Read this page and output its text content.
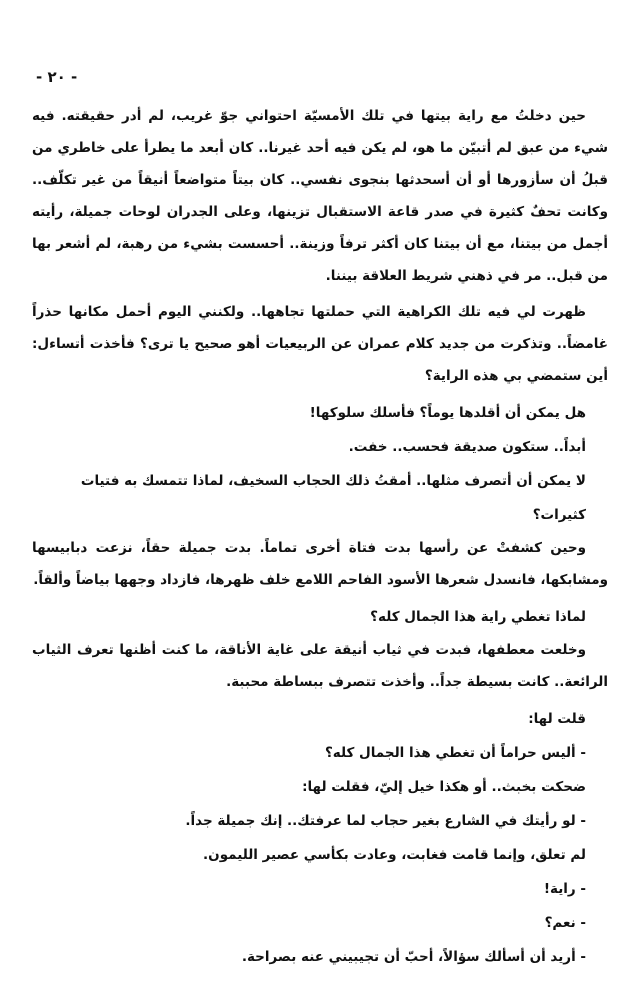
- ٢٠ -

حين دخلتُ مع راية بيتها في تلك الأمسيّة احتواني جوّ غريب، لم أدر حقيقته. فيه شيء من عبق لم أتبيّن ما هو، لم يكن فيه أحد غيرنا.. كان أبعد ما يطرأ على خاطري من قبلُ أن سأزورها أو أن أسحدثها بنجوى نفسي.. كان بيتاً متواضعاً أنيقاً من غير تكلّف.. وكانت تحفٌ كثيرة في صدر قاعة الاستقبال تزينها، وعلى الجدران لوحات جميلة، رأيته أجمل من بيتنا، مع أن بيتنا كان أكثر ترفاً وزينة.. أحسست بشيء من رهبة، لم أشعر بها من قبل.. مر في ذهني شريط العلاقة بيننا.

ظهرت لي فيه تلك الكراهية التي حملتها تجاهها.. ولكنني اليوم أحمل مكانها حذراً غامضاً.. وتذكرت من جديد كلام عمران عن الربيعيات أهو صحيح يا ترى؟ فأخذت أتساءل: أين ستمضي بي هذه الراية؟

هل يمكن أن أقلدها يوماً؟ فأسلك سلوكها!

أبداً.. ستكون صديقة فحسب.. خفت.

لا يمكن أن أتصرف مثلها.. أمقتُ ذلك الحجاب السخيف، لماذا تتمسك به فتيات كثيرات؟

وحين كشفتْ عن رأسها بدت فتاة أخرى تماماً. بدت جميلة حقاً، نزعت دبابيسها ومشابكها، فانسدل شعرها الأسود الفاحم اللامع خلف ظهرها، فازداد وجهها بياضاً وألقاً.

لماذا تغطي راية هذا الجمال كله؟

وخلعت معطفها، فبدت في ثياب أنيقة على غاية الأناقة، ما كنت أظنها تعرف الثياب الرائعة.. كانت بسيطة جداً.. وأخذت تتصرف ببساطة محببة.

قلت لها:

- أليس حراماً أن تغطي هذا الجمال كله؟

ضحكت بخبث.. أو هكذا خيل إليّ، فقلت لها:

- لو رأيتك في الشارع بغير حجاب لما عرفتك.. إنك جميلة جداً.

لم تعلق، وإنما قامت فغابت، وعادت بكأسي عصير الليمون.

- راية!

- نعم؟

- أريد أن أسألك سؤالاً، أحبّ أن تجيبيني عنه بصراحة.
